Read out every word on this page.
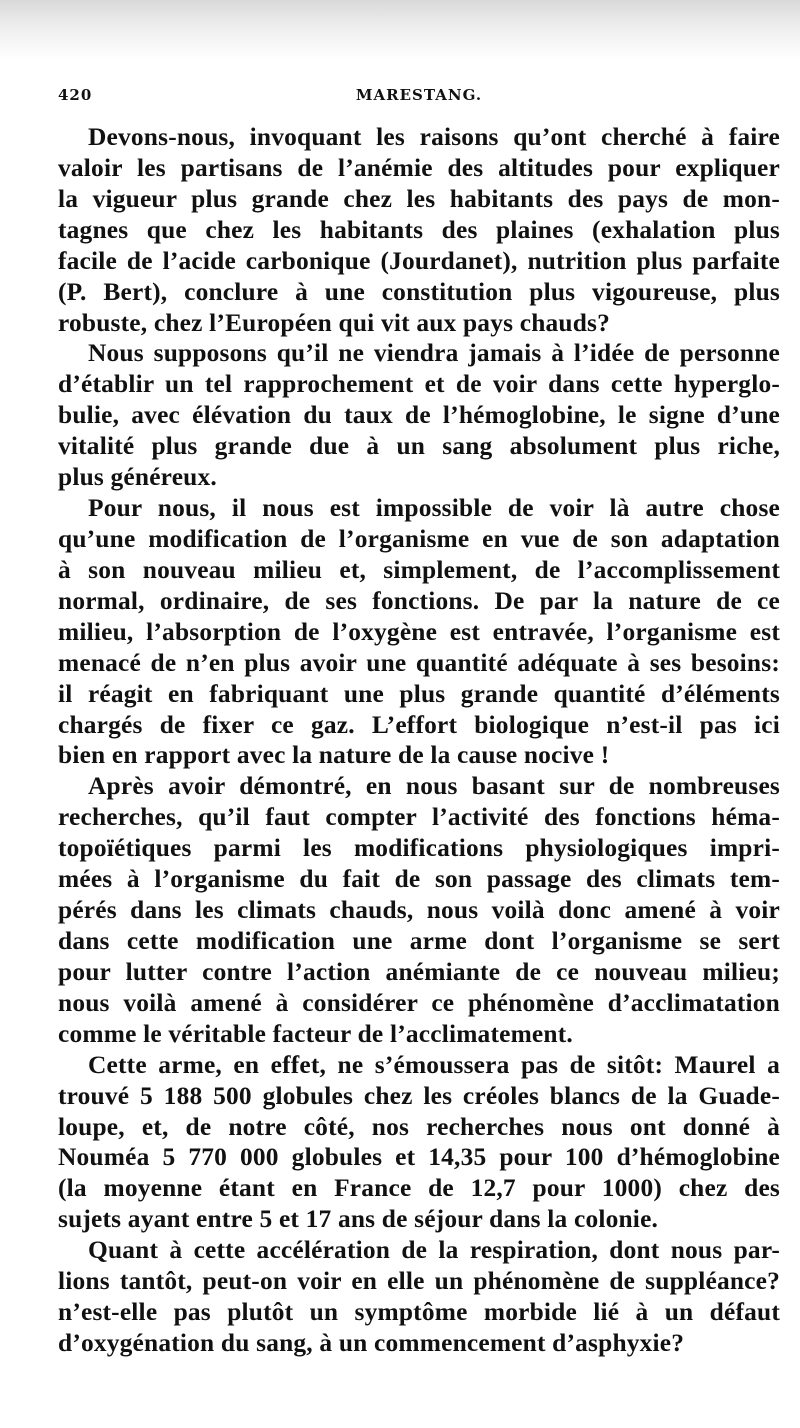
420	MARESTANG.
Devons-nous, invoquant les raisons qu’ont cherché à faire
valoir les partisans de l’anémie des altitudes pour expliquer
la vigueur plus grande chez les habitants des pays de mon-
tagnes que chez les habitants des plaines (exhalation plus
facile de l’acide carbonique (Jourdanet), nutrition plus parfaite
(P. Bert), conclure à une constitution plus vigoureuse, plus
robuste, chez l’Européen qui vit aux pays chauds?
Nous supposons qu’il ne viendra jamais à l’idée de personne
d’établir un tel rapprochement et de voir dans cette hyperglo-
bulie, avec élévation du taux de l’hémoglobine, le signe d’une
vitalité plus grande due à un sang absolument plus riche,
plus généreux.
Pour nous, il nous est impossible de voir là autre chose
qu’une modification de l’organisme en vue de son adaptation
à son nouveau milieu et, simplement, de l’accomplissement
normal, ordinaire, de ses fonctions. De par la nature de ce
milieu, l’absorption de l’oxygène est entravée, l’organisme est
menacé de n’en plus avoir une quantité adéquate à ses besoins:
il réagit en fabriquant une plus grande quantité d’éléments
chargés de fixer ce gaz. L’effort biologique n’est-il pas ici
bien en rapport avec la nature de la cause nocive !
Après avoir démontré, en nous basant sur de nombreuses
recherches, qu’il faut compter l’activité des fonctions héma-
topoïétiques parmi les modifications physiologiques impri-
mées à l’organisme du fait de son passage des climats tem-
pérés dans les climats chauds, nous voilà donc amené à voir
dans cette modification une arme dont l’organisme se sert
pour lutter contre l’action anémiante de ce nouveau milieu;
nous voilà amené à considérer ce phénomène d’acclimatation
comme le véritable facteur de l’acclimatement.
Cette arme, en effet, ne s’émoussera pas de sitôt: Maurel a
trouvé 5 188 500 globules chez les créoles blancs de la Guade-
loupe, et, de notre côté, nos recherches nous ont donné à
Nouméa 5 770 000 globules et 14,35 pour 100 d’hémoglobine
(la moyenne étant en France de 12,7 pour 1000) chez des
sujets ayant entre 5 et 17 ans de séjour dans la colonie.
Quant à cette accélération de la respiration, dont nous par-
lions tantôt, peut-on voir en elle un phénomène de suppléance?
n’est-elle pas plutôt un symptôme morbide lié à un défaut
d’oxygénation du sang, à un commencement d’asphyxie?
